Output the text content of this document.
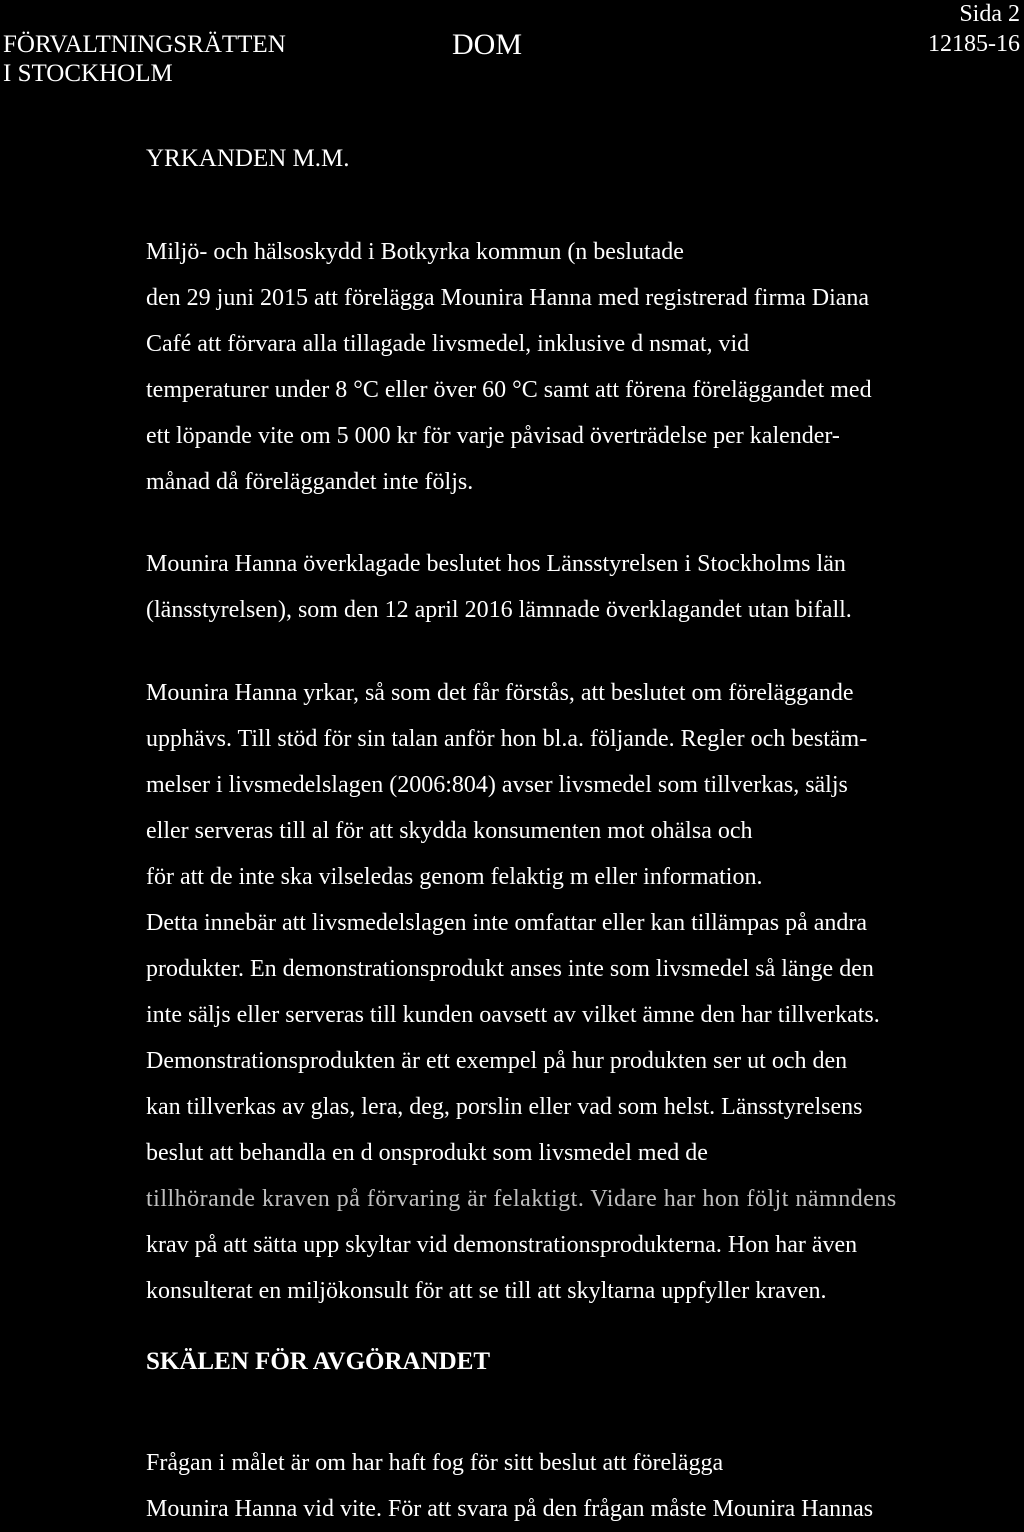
FÖRVALTNINGSRÄTTEN
I STOCKHOLM
DOM
Sida 2
12185-16
YRKANDEN M.M.
Miljö- och hälsoskydd i Botkyrka kommun (n beslutade
den 29 juni 2015 att förelägga Mounira Hanna med registrerad firma Diana
Café att förvara alla tillagade livsmedel, inklusive d nsmat, vid
temperaturer under 8 °C eller över 60 °C samt att förena föreläggandet med
ett löpande vite om 5 000 kr för varje påvisad överträdelse per kalender-
månad då föreläggandet inte följs.
Mounira Hanna överklagade beslutet hos Länsstyrelsen i Stockholms län
(länsstyrelsen), som den 12 april 2016 lämnade överklagandet utan bifall.
Mounira Hanna yrkar, så som det får förstås, att beslutet om föreläggande
upphävs. Till stöd för sin talan anför hon bl.a. följande. Regler och bestäm-
melser i livsmedelslagen (2006:804) avser livsmedel som tillverkas, säljs
eller serveras till al för att skydda konsumenten mot ohälsa och
för att de inte ska vilseledas genom felaktig m eller information.
Detta innebär att livsmedelslagen inte omfattar eller kan tillämpas på andra
produkter. En demonstrationsprodukt anses inte som livsmedel så länge den
inte säljs eller serveras till kunden oavsett av vilket ämne den har tillverkats.
Demonstrationsprodukten är ett exempel på hur produkten ser ut och den
kan tillverkas av glas, lera, deg, porslin eller vad som helst. Länsstyrelsens
beslut att behandla en d onsprodukt som livsmedel med de
tillhörande kraven på förvaring är felaktigt. Vidare har hon följt nämndens
krav på att sätta upp skyltar vid demonstrationsprodukterna. Hon har även
konsulterat en miljökonsult för att se till att skyltarna uppfyller kraven.
SKÄLEN FÖR AVGÖRANDET
Frågan i målet är om har haft fog för sitt beslut att förelägga
Mounira Hanna vid vite. För att svara på den frågan måste Mounira Hannas
